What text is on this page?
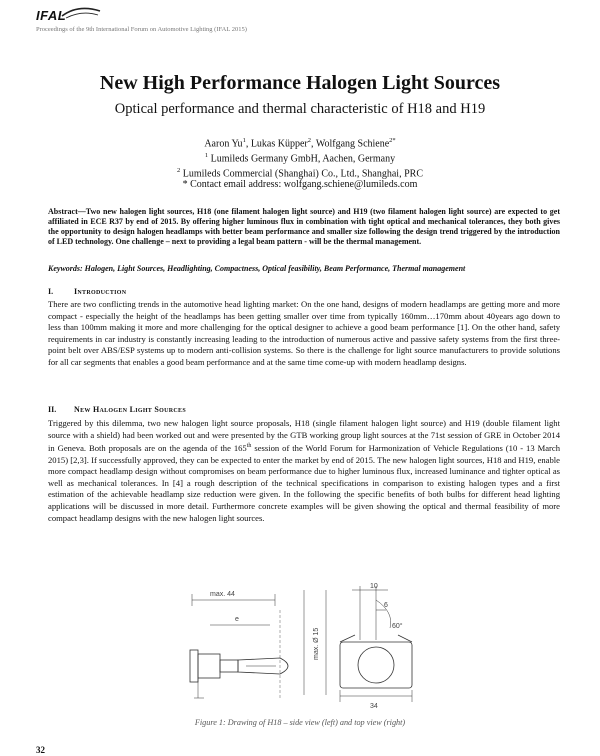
IFAL
Proceedings of the 9th International Forum on Automotive Lighting (IFAL 2015)
New High Performance Halogen Light Sources
Optical performance and thermal characteristic of H18 and H19
Aaron Yu$^1$, Lukas Küpper$^2$, Wolfgang Schiene$^{2*}$
$^1$ Lumileds Germany GmbH, Aachen, Germany
$^2$ Lumileds Commercial (Shanghai) Co., Ltd., Shanghai, PRC
* Contact email address: wolfgang.schiene@lumileds.com
Abstract—Two new halogen light sources, H18 (one filament halogen light source) and H19 (two filament halogen light source) are expected to get affiliated in ECE R37 by end of 2015. By offering higher luminous flux in combination with tight optical and mechanical tolerances, they both gives the opportunity to design halogen headlamps with better beam performance and smaller size following the design trend triggered by the introduction of LED technology. One challenge – next to providing a legal beam pattern - will be the thermal management.
Keywords: Halogen, Light Sources, Headlighting, Compactness, Optical feasibility, Beam Performance, Thermal management
I.	Introduction
There are two conflicting trends in the automotive head lighting market: On the one hand, designs of modern headlamps are getting more and more compact - especially the height of the headlamps has been getting smaller over time from typically 160mm…170mm about 40years ago down to less than 100mm making it more and more challenging for the optical designer to achieve a good beam performance [1]. On the other hand, safety requirements in car industry is constantly increasing leading to the introduction of numerous active and passive safety systems from the first three-point belt over ABS/ESP systems up to modern anti-collision systems. So there is the challenge for light source manufacturers to provide solutions for all car segments that enables a good beam performance and at the same time come-up with modern headlamp designs.
II. New Halogen Light Sources
Triggered by this dilemma, two new halogen light source proposals, H18 (single filament halogen light source) and H19 (double filament light source with a shield) had been worked out and were presented by the GTB working group light sources at the 71st session of GRE in October 2014 in Geneva. Both proposals are on the agenda of the 165th session of the World Forum for Harmonization of Vehicle Regulations (10 - 13 March 2015) [2,3]. If successfully approved, they can be expected to enter the market by end of 2015. The new halogen light sources, H18 and H19, enable more compact headlamp design without compromises on beam performance due to higher luminous flux, increased luminance and tighter optical as well as mechanical tolerances. In [4] a rough description of the technical specifications in comparison to existing halogen types and a first estimation of the achievable headlamp size reduction were given. In the following the specific benefits of both bulbs for different head lighting applications will be discussed in more detail. Furthermore concrete examples will be given showing the optical and thermal feasibility of more compact headlamp designs with the new halogen light sources.
max. 44
e
max. Ø 15
10
6
60°
34
Figure 1: Drawing of H18 – side view (left) and top view (right)
32
